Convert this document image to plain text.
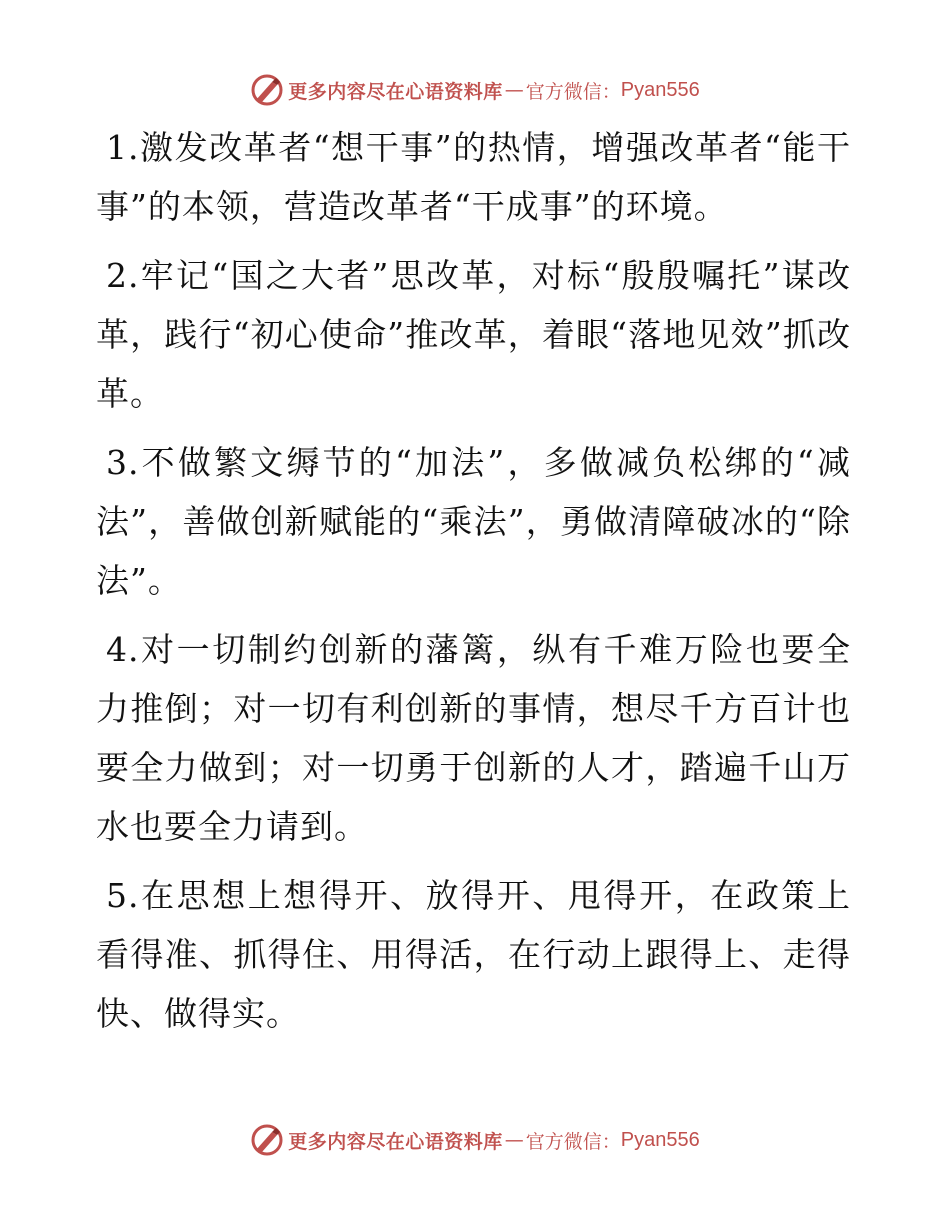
更多内容尽在心语资料库 — 官方微信： Pyan556
1.激发改革者“想干事”的热情，增强改革者“能干事”的本领，营造改革者“干成事”的环境。
2.牢记“国之大者”思改革，对标“殷殷嘱托”谋改革，践行“初心使命”推改革，着眼“落地见效”抓改革。
3.不做繁文缛节的“加法”，多做减负松绑的“减法”，善做创新赋能的“乘法”，勇做清障破冰的“除法”。
4.对一切制约创新的藩篱，纵有千难万险也要全力推倒；对一切有利创新的事情，想尽千方百计也要全力做到；对一切勇于创新的人才，踏遍千山万水也要全力请到。
5.在思想上想得开、放得开、甩得开，在政策上看得准、抓得住、用得活，在行动上跟得上、走得快、做得实。
更多内容尽在心语资料库 — 官方微信： Pyan556
